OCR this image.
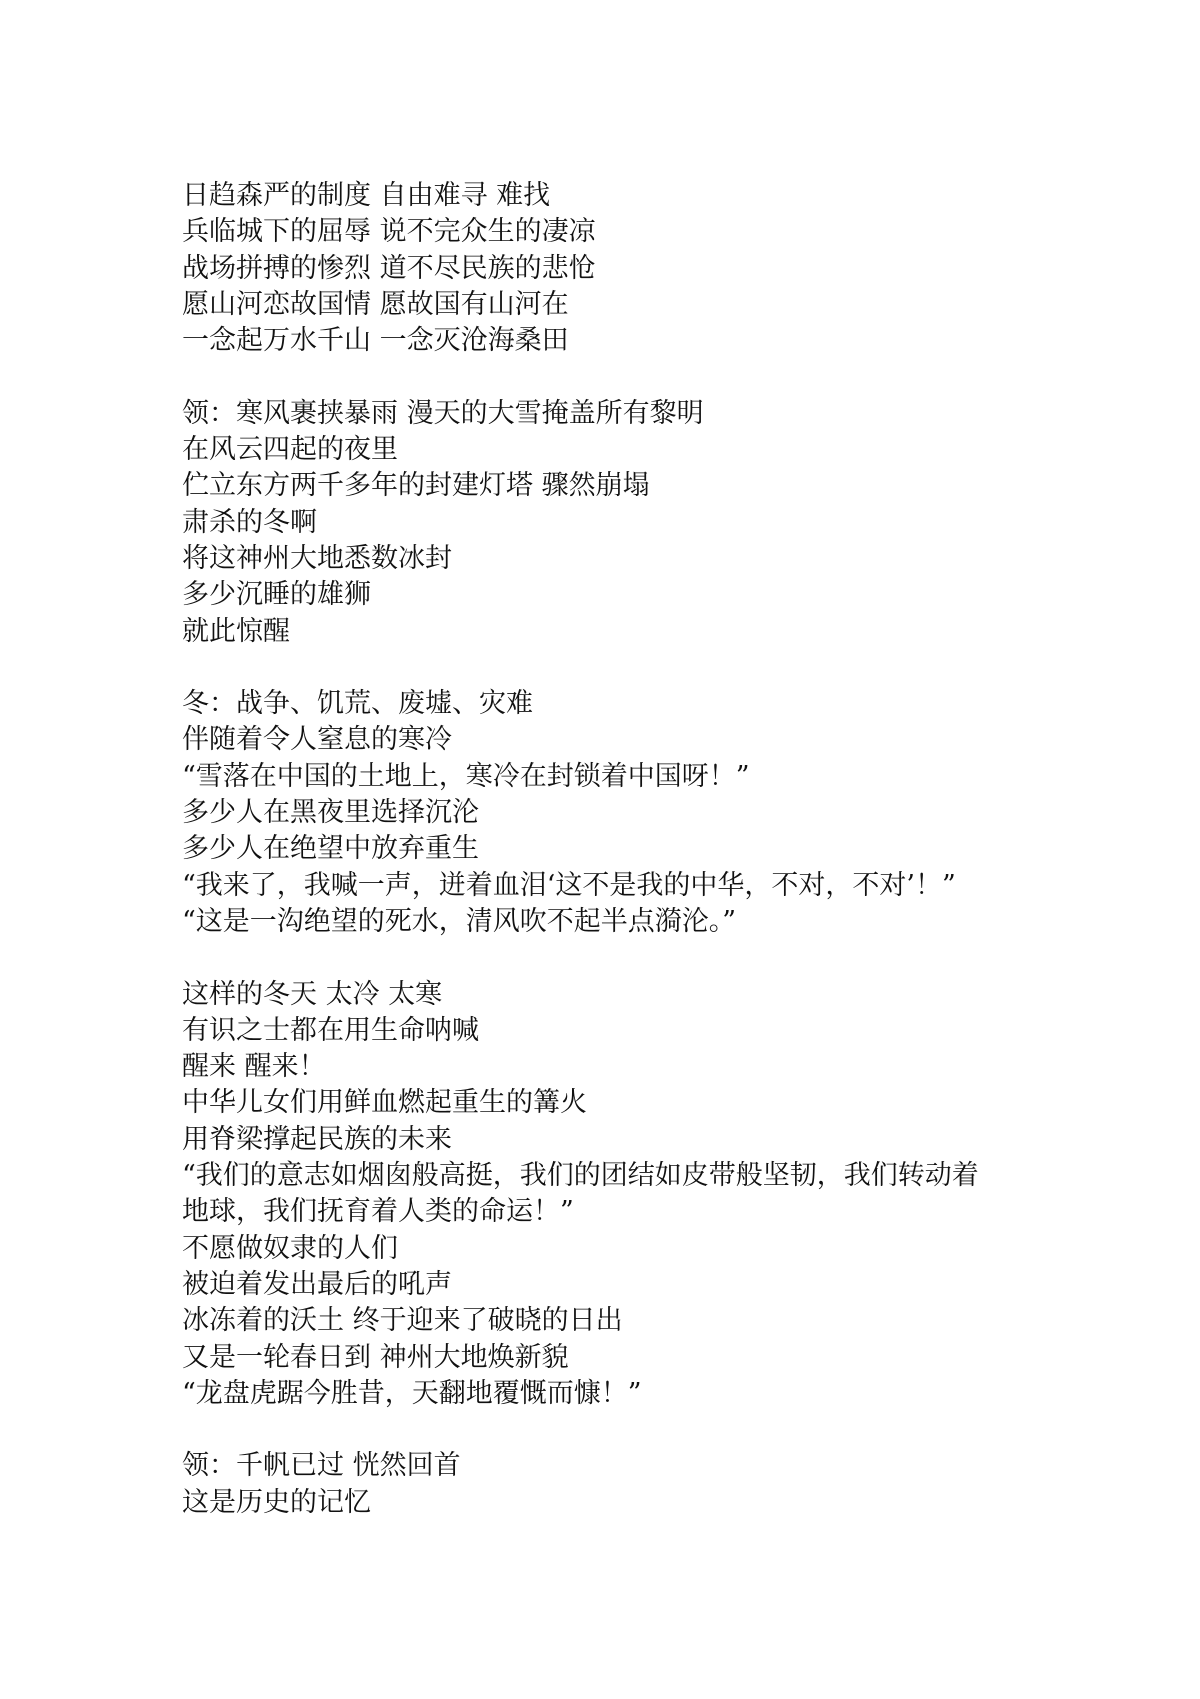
日趋森严的制度 自由难寻 难找
兵临城下的屈辱 说不完众生的凄凉
战场拼搏的惨烈 道不尽民族的悲怆
愿山河恋故国情 愿故国有山河在
一念起万水千山 一念灭沧海桑田
领：寒风裹挟暴雨 漫天的大雪掩盖所有黎明
在风云四起的夜里
伫立东方两千多年的封建灯塔 骤然崩塌
肃杀的冬啊
将这神州大地悉数冰封
多少沉睡的雄狮
就此惊醒
冬：战争、饥荒、废墟、灾难
伴随着令人窒息的寒冷
“雪落在中国的土地上，寒冷在封锁着中国呀！”
多少人在黑夜里选择沉沦
多少人在绝望中放弃重生
“我来了，我喊一声，迸着血泪‘这不是我的中华，不对，不对’！”
“这是一沟绝望的死水，清风吹不起半点漪沦。”
这样的冬天 太冷 太寒
有识之士都在用生命呐喊
醒来 醒来！
中华儿女们用鲜血燃起重生的篝火
用脊梁撑起民族的未来
“我们的意志如烟囱般高挺，我们的团结如皮带般坚韧，我们转动着
地球，我们抚育着人类的命运！”
不愿做奴隶的人们
被迫着发出最后的吼声
冰冻着的沃土 终于迎来了破晓的日出
又是一轮春日到 神州大地焕新貌
“龙盘虎踞今胜昔，天翻地覆慨而慷！”
领：千帆已过 恍然回首
这是历史的记忆
